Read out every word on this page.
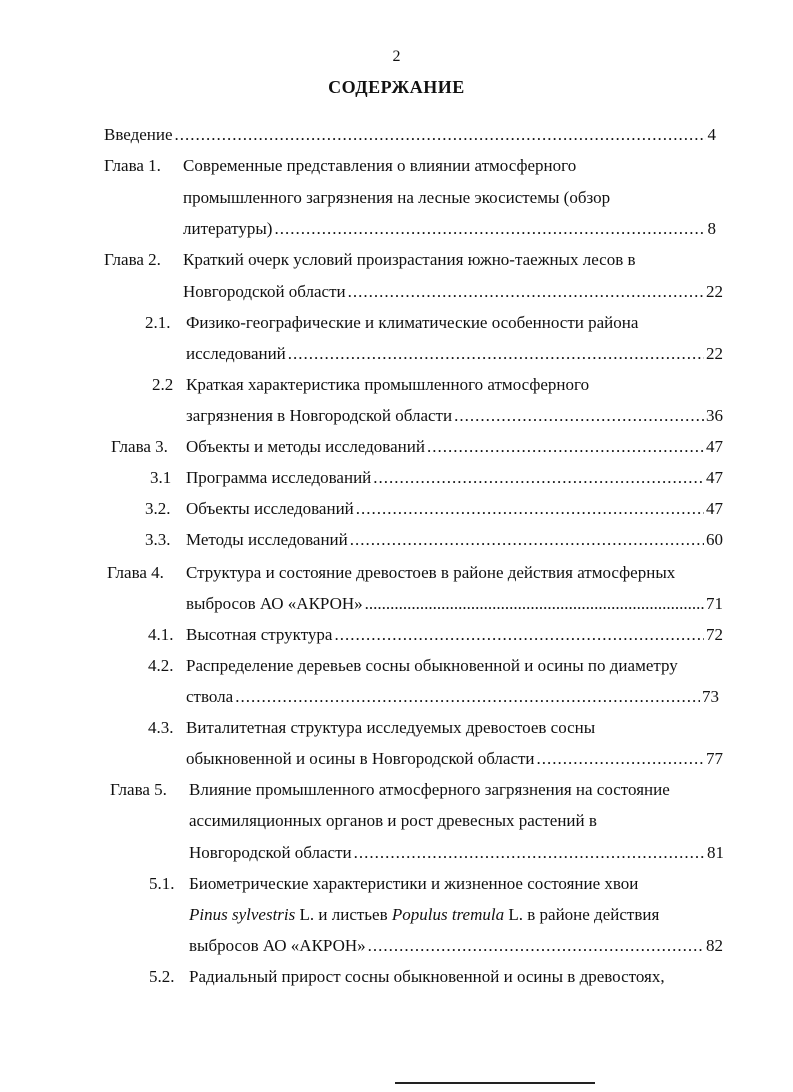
2
СОДЕРЖАНИЕ
Введение .....	4
Глава 1. Современные представления о влиянии атмосферного
промышленного загрязнения на лесные экосистемы (обзор
литературы) .....	8
Глава 2. Краткий очерк условий произрастания южно-таежных лесов в
Новгородской области .....	22
2.1. Физико-географические и климатические особенности района
исследований .....	22
2.2 Краткая характеристика промышленного атмосферного
загрязнения в Новгородской области .....	36
Глава 3. Объекты и методы исследований .....	47
3.1 Программа исследований .....	47
3.2. Объекты исследований .....	47
3.3. Методы исследований .....	60
Глава 4. Структура и состояние древостоев в районе действия атмосферных
выбросов АО «АКРОН» .....	71
4.1. Высотная структура .....	72
4.2. Распределение деревьев сосны обыкновенной и осины по диаметру
ствола .....	73
4.3. Виталитетная структура исследуемых древостоев сосны
обыкновенной и осины в Новгородской области .....	77
Глава 5. Влияние промышленного атмосферного загрязнения на состояние
ассимиляционных органов и рост древесных растений в
Новгородской области .....	81
5.1. Биометрические характеристики и жизненное состояние хвои
Pinus sylvestris L. и листьев Populus tremula L. в районе действия
выбросов АО «АКРОН» .....	82
5.2. Радиальный прирост сосны обыкновенной и осины в древостоях,
